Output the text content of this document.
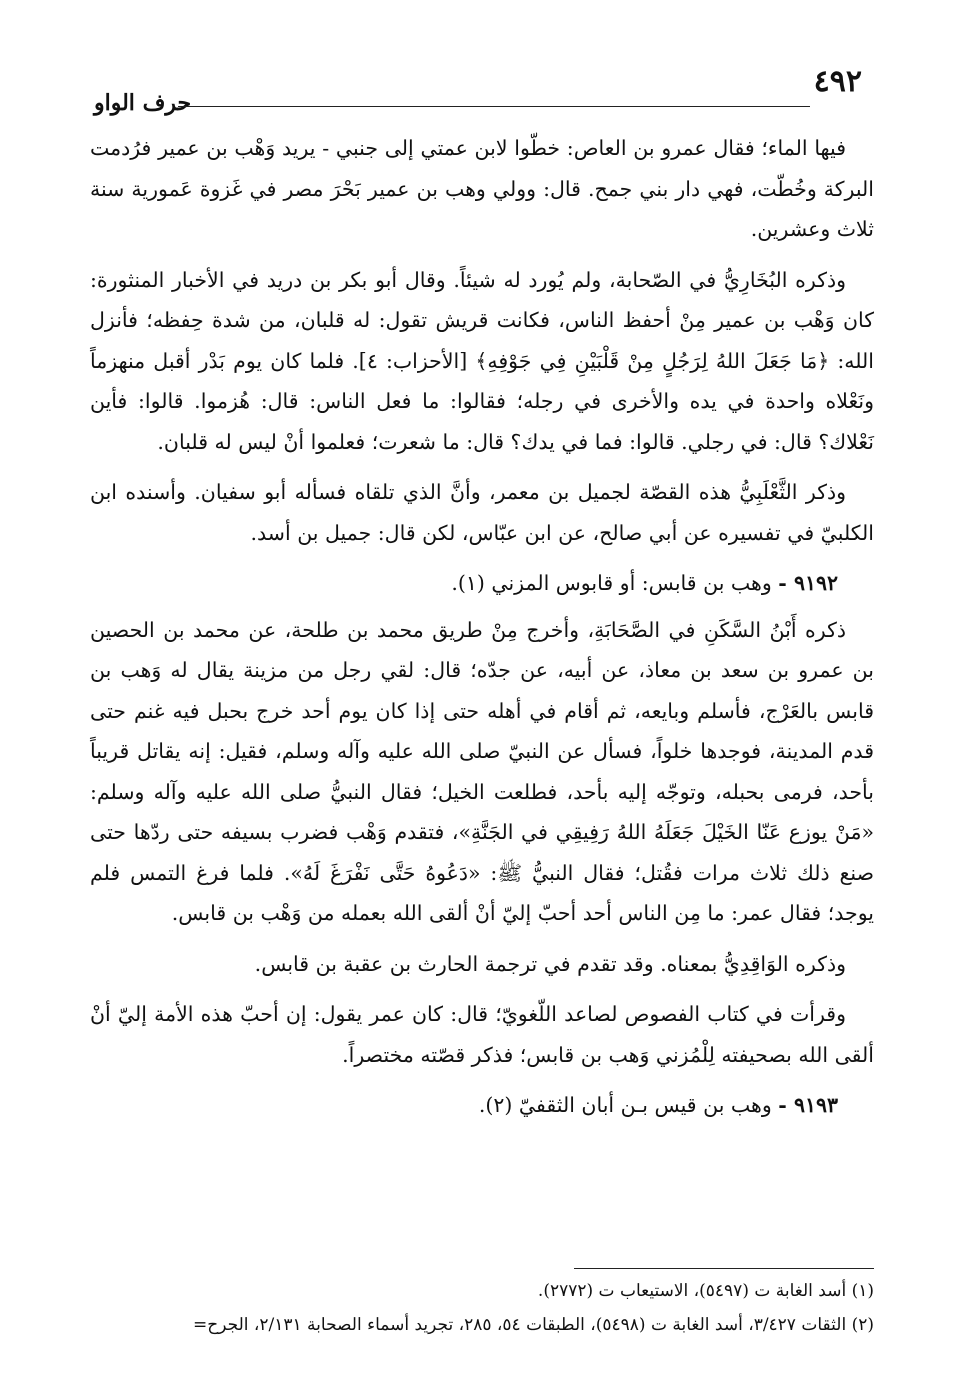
٤٩٢
حرف الواو

فيها الماء؛ فقال عمرو بن العاص: خطّوا لابن عمتي إلى جنبي - يريد وَهْب بن عمير فرُدمت البركة وخُطّت، فهي دار بني جمح. قال: وولي وهب بن عمير بَحْرَ مصر في غَزوة عَمورية سنة ثلاث وعشرين.

وذكره البُخَارِيُّ في الصّحابة، ولم يُورد له شيئاً. وقال أبو بكر بن دريد في الأخبار المنثورة: كان وَهْب بن عمير مِنْ أحفظ الناس، فكانت قريش تقول: له قلبان، من شدة حِفظه؛ فأنزل الله: ﴿مَا جَعَلَ اللهُ لِرَجُلٍ مِنْ قَلْبَيْنِ فِي جَوْفِهِ﴾ [الأحزاب: ٤]. فلما كان يوم بَدْر أقبل منهزماً ونَعْلاه واحدة في يده والأخرى في رجله؛ فقالوا: ما فعل الناس: قال: هُزموا. قالوا: فأين نَعْلاك؟ قال: في رجلي. قالوا: فما في يدك؟ قال: ما شعرت؛ فعلموا أنْ ليس له قلبان.

وذكر الثَّعْلَبِيُّ هذه القصّة لجميل بن معمر، وأنَّ الذي تلقاه فسأله أبو سفيان. وأسنده ابن الكلبيّ في تفسيره عن أبي صالح، عن ابن عبّاس، لكن قال: جميل بن أسد.

٩١٩٢ - وهب بن قابس: أو قابوس المزني (١).

ذكره أَبْنُ السَّكَنِ في الصَّحَابَةِ، وأخرج مِنْ طريق محمد بن طلحة، عن محمد بن الحصين بن عمرو بن سعد بن معاذ، عن أبيه، عن جدّه؛ قال: لقي رجل من مزينة يقال له وَهب بن قابس بالعَرْج، فأسلم وبايعه، ثم أقام في أهله حتى إذا كان يوم أحد خرج بحبل فيه غنم حتى قدم المدينة، فوجدها خلواً، فسأل عن النبيّ صلى الله عليه وآله وسلم، فقيل: إنه يقاتل قريباً بأحد، فرمى بحبله، وتوجّه إليه بأحد، فطلعت الخيل؛ فقال النبيُّ صلى الله عليه وآله وسلم: «مَنْ يوزع عَنّا الخَيْلَ جَعَلَهُ اللهُ رَفِيقِي في الجَنَّةِ»، فتقدم وَهْب فضرب بسيفه حتى ردّها حتى صنع ذلك ثلاث مرات فقُتل؛ فقال النبيُّ ﷺ: «دَعُوهُ حَتَّى نَفْرَغَ لَهُ». فلما فرغ التمس فلم يوجد؛ فقال عمر: ما مِن الناس أحد أحبّ إليّ أنْ ألقى الله بعمله من وَهْب بن قابس.

وذكره الوَاقِدِيُّ بمعناه. وقد تقدم في ترجمة الحارث بن عقبة بن قابس.

وقرأت في كتاب الفصوص لصاعد اللّغويّ؛ قال: كان عمر يقول: إن أحبّ هذه الأمة إليّ أنْ ألقى الله بصحيفته لِلْمُزني وَهب بن قابس؛ فذكر قصّته مختصراً.

٩١٩٣ - وهب بن قيس بـن أبان الثقفيّ (٢).

(١) أسد الغابة ت (٥٤٩٧)، الاستيعاب ت (٢٧٧٢).
(٢) الثقات ٣/٤٢٧، أسد الغابة ت (٥٤٩٨)، الطبقات ٥٤، ٢٨٥، تجريد أسماء الصحابة ٢/١٣١، الجرح=
